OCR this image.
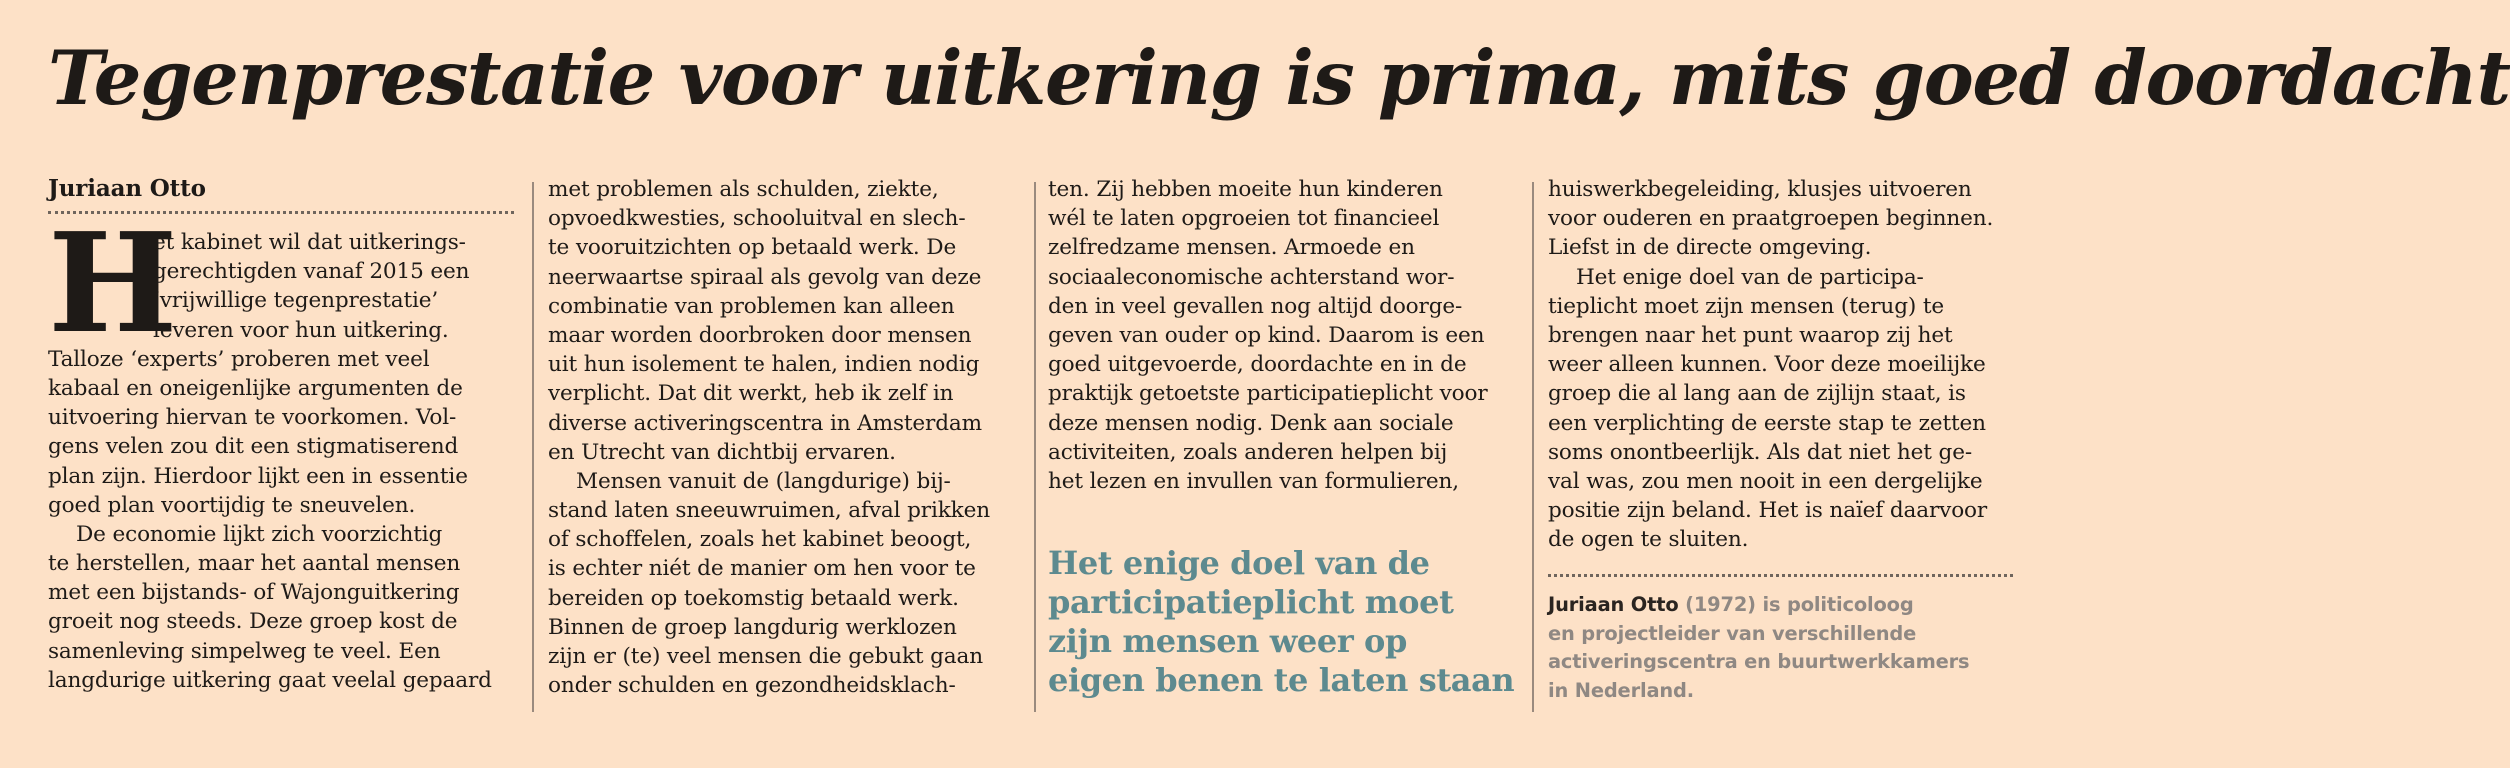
Tegenprestatie voor uitkering is prima, mits goed doordacht

Juriaan Otto

H
et kabinet wil dat uitkerings-
gerechtigden vanaf 2015 een
‘vrijwillige tegenprestatie’
leveren voor hun uitkering.
Talloze ‘experts’ proberen met veel
kabaal en oneigenlijke argumenten de
uitvoering hiervan te voorkomen. Vol-
gens velen zou dit een stigmatiserend
plan zijn. Hierdoor lijkt een in essentie
goed plan voortijdig te sneuvelen.
De economie lijkt zich voorzichtig
te herstellen, maar het aantal mensen
met een bijstands- of Wajonguitkering
groeit nog steeds. Deze groep kost de
samenleving simpelweg te veel. Een
langdurige uitkering gaat veelal gepaard
met problemen als schulden, ziekte,
opvoedkwesties, schooluitval en slech-
te vooruitzichten op betaald werk. De
neerwaartse spiraal als gevolg van deze
combinatie van problemen kan alleen
maar worden doorbroken door mensen
uit hun isolement te halen, indien nodig
verplicht. Dat dit werkt, heb ik zelf in
diverse activeringscentra in Amsterdam
en Utrecht van dichtbij ervaren.
Mensen vanuit de (langdurige) bij-
stand laten sneeuwruimen, afval prikken
of schoffelen, zoals het kabinet beoogt,
is echter niét de manier om hen voor te
bereiden op toekomstig betaald werk.
Binnen de groep langdurig werklozen
zijn er (te) veel mensen die gebukt gaan
onder schulden en gezondheidsklach-
ten. Zij hebben moeite hun kinderen
wél te laten opgroeien tot financieel
zelfredzame mensen. Armoede en
sociaaleconomische achterstand wor-
den in veel gevallen nog altijd doorge-
geven van ouder op kind. Daarom is een
goed uitgevoerde, doordachte en in de
praktijk getoetste participatieplicht voor
deze mensen nodig. Denk aan sociale
activiteiten, zoals anderen helpen bij
het lezen en invullen van formulieren,
Het enige doel van de
participatieplicht moet
zijn mensen weer op
eigen benen te laten staan
huiswerkbegeleiding, klusjes uitvoeren
voor ouderen en praatgroepen beginnen.
Liefst in de directe omgeving.
Het enige doel van de participa-
tieplicht moet zijn mensen (terug) te
brengen naar het punt waarop zij het
weer alleen kunnen. Voor deze moeilijke
groep die al lang aan de zijlijn staat, is
een verplichting de eerste stap te zetten
soms onontbeerlijk. Als dat niet het ge-
val was, zou men nooit in een dergelijke
positie zijn beland. Het is naïef daarvoor
de ogen te sluiten.
Juriaan Otto (1972) is politicoloog
en projectleider van verschillende
activeringscentra en buurtwerkkamers
in Nederland.
